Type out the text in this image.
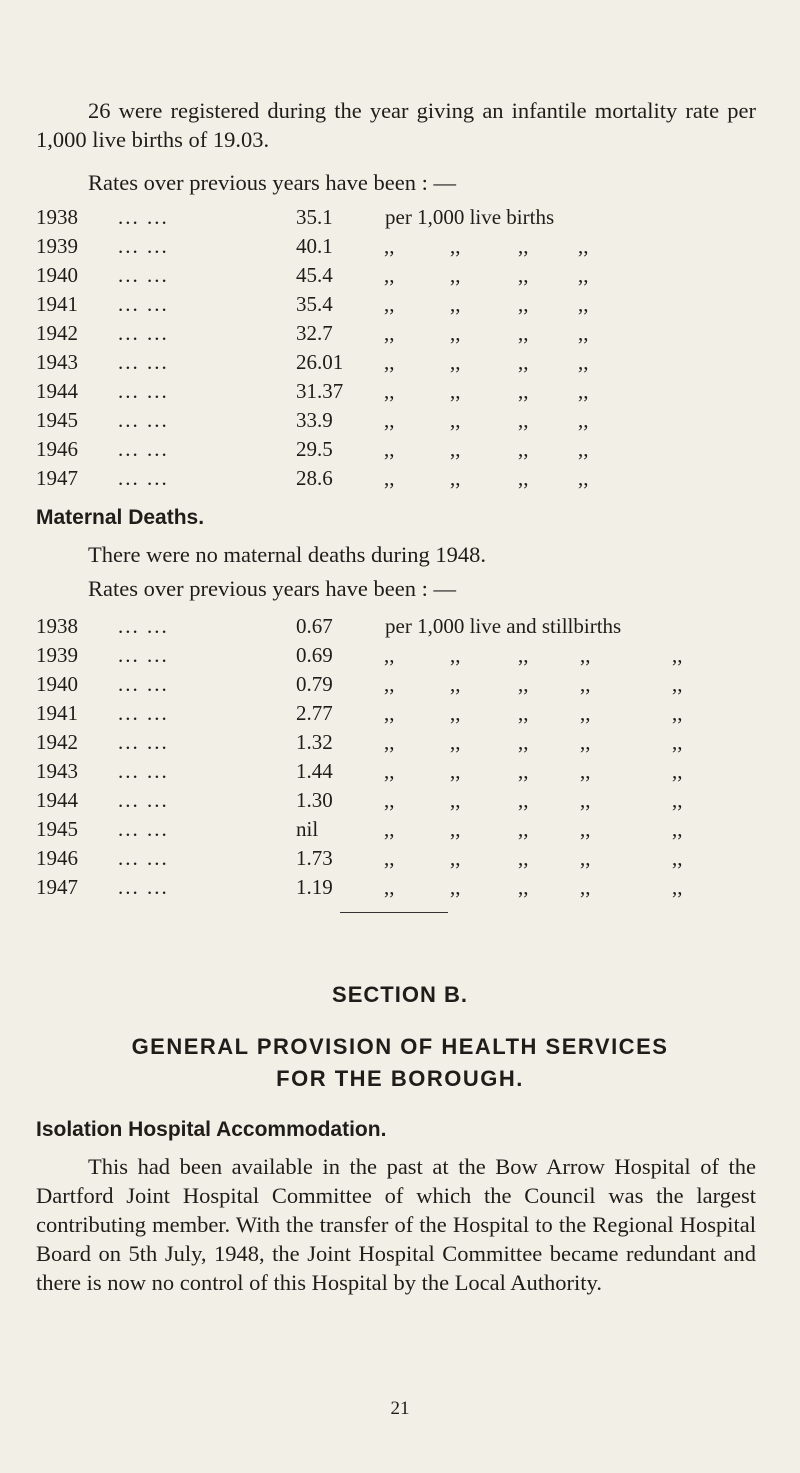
26 were registered during the year giving an infantile mortality rate per 1,000 live births of 19.03.

Rates over previous years have been : —
1938 ... ...	35.1 per 1,000 live births
1939 ... ...	40.1 ,,	,,	,, ,,
1940 ... ...	45.4 ,,	,,	,, ,,
1941 ... ...	35.4 ,,	,,	,, ,,
1942 ... ...	32.7 ,,	,,	,, ,,
1943 ... ...	26.01 ,,	,,	,, ,,
1944 ... ...	31.37 ,,	,,	,, ,,
1945 ... ...	33.9 ,,	,,	,, ,,
1946 ... ...	29.5 ,,	,,	,, ,,
1947 ... ...	28.6 ,,	,,	,, ,,
Maternal Deaths.
There were no maternal deaths during 1948.
Rates over previous years have been : —
1938 ... ...	0.67 per 1,000 live and stillbirths
1939 ... ...	0.69 ,,	,,	,, ,,	,,
1940 ... ...	0.79 ,,	,,	,, ,,	,,
1941 ... ...	2.77 ,,	,,	,, ,,	,,
1942 ... ...	1.32 ,,	,,	,, ,,	,,
1943 ... ...	1.44 ,,	,,	,, ,,	,,
1944 ... ...	1.30 ,,	,,	,, ,,	,,
1945 ... ...	nil	,,	,,	,, ,,	,,
1946 ... ...	1.73 ,,	,,	,, ,,	,,
1947 ... ...	1.19 ,,	,,	,, ,,	,,
SECTION B.
GENERAL PROVISION OF HEALTH SERVICES
FOR THE BOROUGH.
Isolation Hospital Accommodation.

This had been available in the past at the Bow Arrow Hospital of the Dartford Joint Hospital Committee of which the Council was the largest contributing member. With the transfer of the Hospital to the Regional Hospital Board on 5th July, 1948, the Joint Hospital Committee became redundant and there is now no control of this Hospital by the Local Authority.

21
